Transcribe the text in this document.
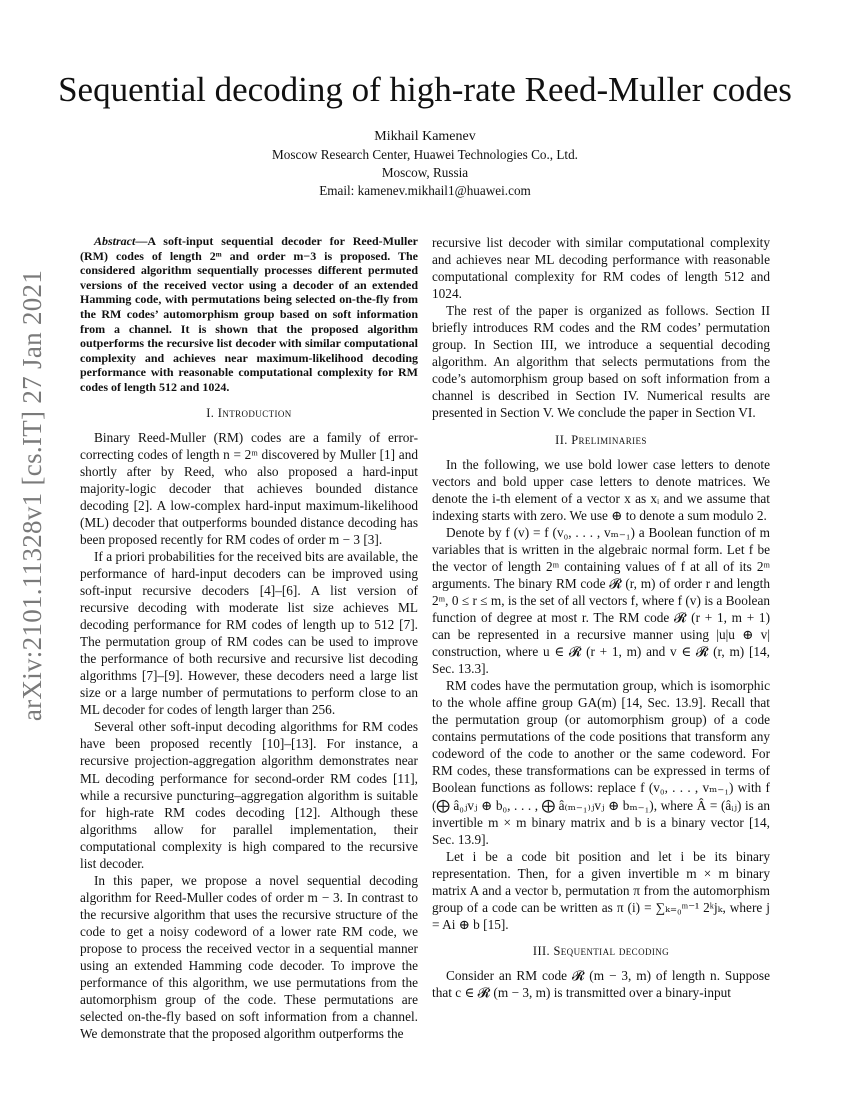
arXiv:2101.11328v1 [cs.IT] 27 Jan 2021
Sequential decoding of high-rate Reed-Muller codes
Mikhail Kamenev
Moscow Research Center, Huawei Technologies Co., Ltd.
Moscow, Russia
Email: kamenev.mikhail1@huawei.com

Abstract—A soft-input sequential decoder for Reed-Muller (RM) codes of length 2ᵐ and order m−3 is proposed. The considered algorithm sequentially processes different permuted versions of the received vector using a decoder of an extended Hamming code, with permutations being selected on-the-fly from the RM codes’ automorphism group based on soft information from a channel. It is shown that the proposed algorithm outperforms the recursive list decoder with similar computational complexity and achieves near maximum-likelihood decoding performance with reasonable computational complexity for RM codes of length 512 and 1024.

I. Introduction

Binary Reed-Muller (RM) codes are a family of error-correcting codes of length n = 2ᵐ discovered by Muller [1] and shortly after by Reed, who also proposed a hard-input majority-logic decoder that achieves bounded distance decoding [2]. A low-complex hard-input maximum-likelihood (ML) decoder that outperforms bounded distance decoding has been proposed recently for RM codes of order m − 3 [3].

If a priori probabilities for the received bits are available, the performance of hard-input decoders can be improved using soft-input recursive decoders [4]–[6]. A list version of recursive decoding with moderate list size achieves ML decoding performance for RM codes of length up to 512 [7]. The permutation group of RM codes can be used to improve the performance of both recursive and recursive list decoding algorithms [7]–[9]. However, these decoders need a large list size or a large number of permutations to perform close to an ML decoder for codes of length larger than 256.

Several other soft-input decoding algorithms for RM codes have been proposed recently [10]–[13]. For instance, a recursive projection-aggregation algorithm demonstrates near ML decoding performance for second-order RM codes [11], while a recursive puncturing–aggregation algorithm is suitable for high-rate RM codes decoding [12]. Although these algorithms allow for parallel implementation, their computational complexity is high compared to the recursive list decoder.

In this paper, we propose a novel sequential decoding algorithm for Reed-Muller codes of order m − 3. In contrast to the recursive algorithm that uses the recursive structure of the code to get a noisy codeword of a lower rate RM code, we propose to process the received vector in a sequential manner using an extended Hamming code decoder. To improve the performance of this algorithm, we use permutations from the automorphism group of the code. These permutations are selected on-the-fly based on soft information from a channel. We demonstrate that the proposed algorithm outperforms the

recursive list decoder with similar computational complexity and achieves near ML decoding performance with reasonable computational complexity for RM codes of length 512 and 1024.

The rest of the paper is organized as follows. Section II briefly introduces RM codes and the RM codes’ permutation group. In Section III, we introduce a sequential decoding algorithm. An algorithm that selects permutations from the code’s automorphism group based on soft information from a channel is described in Section IV. Numerical results are presented in Section V. We conclude the paper in Section VI.

II. Preliminaries

In the following, we use bold lower case letters to denote vectors and bold upper case letters to denote matrices. We denote the i-th element of a vector x as xᵢ and we assume that indexing starts with zero. We use ⊕ to denote a sum modulo 2.

Denote by f (v) = f (v₀, . . . , vₘ₋₁) a Boolean function of m variables that is written in the algebraic normal form. Let f be the vector of length 2ᵐ containing values of f at all of its 2ᵐ arguments. The binary RM code 𝓡 (r, m) of order r and length 2ᵐ, 0 ≤ r ≤ m, is the set of all vectors f, where f (v) is a Boolean function of degree at most r. The RM code 𝓡 (r + 1, m + 1) can be represented in a recursive manner using |u|u ⊕ v| construction, where u ∈ 𝓡 (r + 1, m) and v ∈ 𝓡 (r, m) [14, Sec. 13.3].

RM codes have the permutation group, which is isomorphic to the whole affine group GA(m) [14, Sec. 13.9]. Recall that the permutation group (or automorphism group) of a code contains permutations of the code positions that transform any codeword of the code to another or the same codeword. For RM codes, these transformations can be expressed in terms of Boolean functions as follows: replace f (v₀, . . . , vₘ₋₁) with f (⨁ â₀ⱼvⱼ ⊕ b₀, . . . , ⨁ â₍ₘ₋₁₎ⱼvⱼ ⊕ bₘ₋₁), where Â = (âᵢⱼ) is an invertible m × m binary matrix and b is a binary vector [14, Sec. 13.9].

Let i be a code bit position and let i be its binary representation. Then, for a given invertible m × m binary matrix A and a vector b, permutation π from the automorphism group of a code can be written as π (i) = ∑ₖ₌₀ᵐ⁻¹ 2ᵏjₖ, where j = Ai ⊕ b [15].

III. Sequential decoding

Consider an RM code 𝓡 (m − 3, m) of length n. Suppose that c ∈ 𝓡 (m − 3, m) is transmitted over a binary-input
